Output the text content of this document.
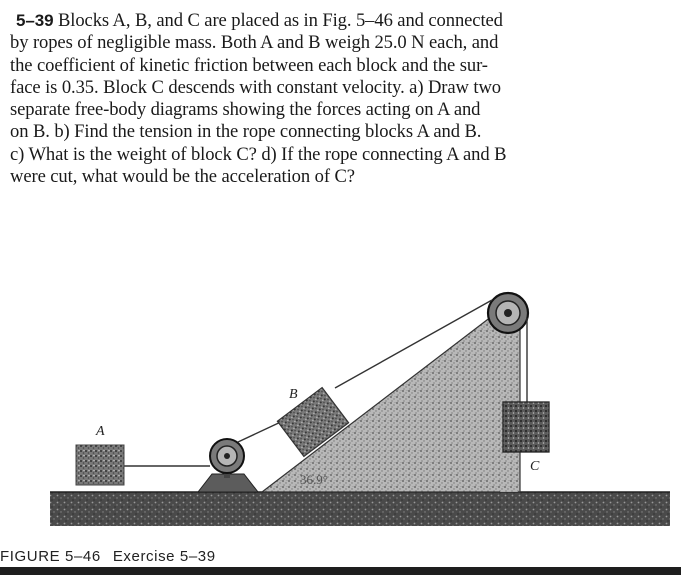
5–39 Blocks A, B, and C are placed as in Fig. 5–46 and connected
by ropes of negligible mass. Both A and B weigh 25.0 N each, and
the coefficient of kinetic friction between each block and the sur-
face is 0.35. Block C descends with constant velocity. a) Draw two
separate free-body diagrams showing the forces acting on A and
on B. b) Find the tension in the rope connecting blocks A and B.
c) What is the weight of block C? d) If the rope connecting A and B
were cut, what would be the acceleration of C?
36.9°
A
B
C
FIGURE 5–46 Exercise 5–39
